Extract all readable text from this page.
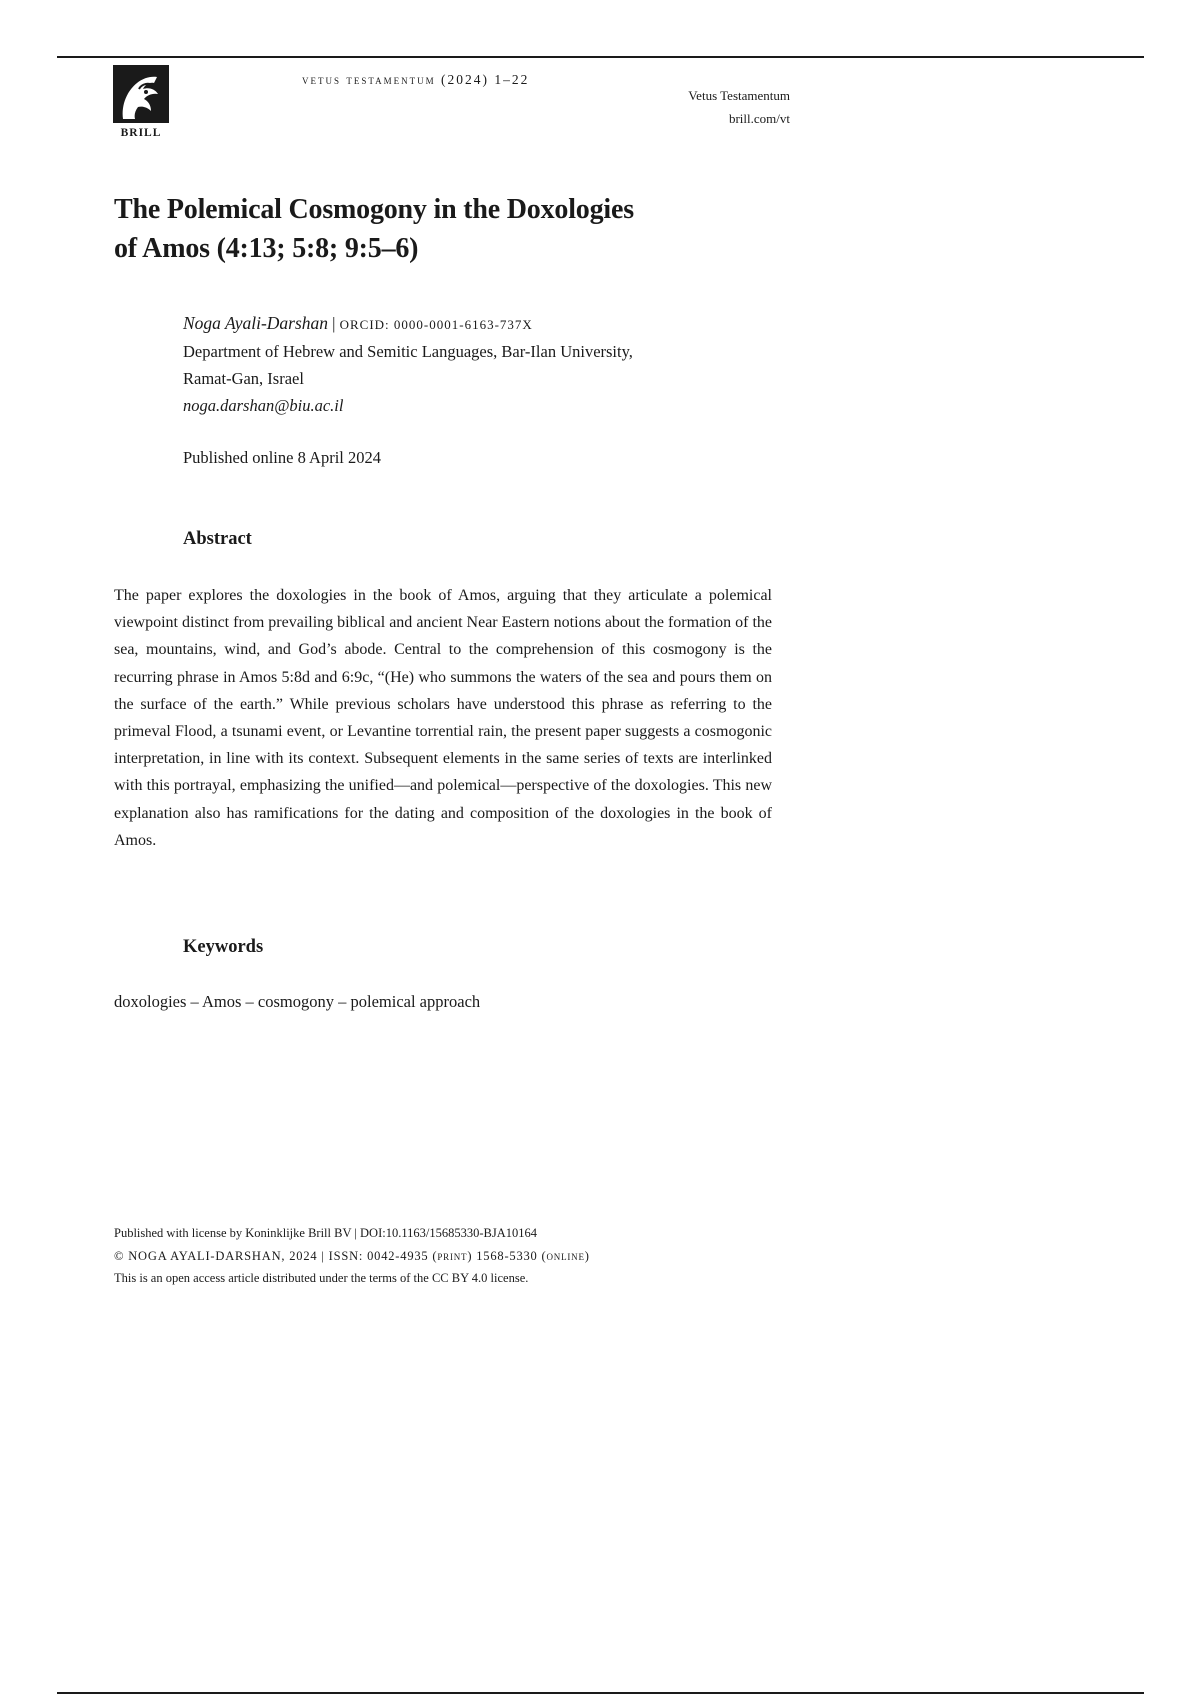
BRILL
vetus testamentum (2024) 1–22
Vetus Testamentum
brill.com/vt
The Polemical Cosmogony in the Doxologies
of Amos (4:13; 5:8; 9:5–6)
Noga Ayali-Darshan | ORCID: 0000-0001-6163-737X
Department of Hebrew and Semitic Languages, Bar-Ilan University,
Ramat-Gan, Israel
noga.darshan@biu.ac.il
Published online 8 April 2024
Abstract

The paper explores the doxologies in the book of Amos, arguing that they articulate a polemical viewpoint distinct from prevailing biblical and ancient Near Eastern notions about the formation of the sea, mountains, wind, and God’s abode. Central to the comprehension of this cosmogony is the recurring phrase in Amos 5:8d and 6:9c, “(He) who summons the waters of the sea and pours them on the surface of the earth.” While previous scholars have understood this phrase as referring to the primeval Flood, a tsunami event, or Levantine torrential rain, the present paper suggests a cosmogonic interpretation, in line with its context. Subsequent elements in the same series of texts are interlinked with this portrayal, emphasizing the unified—and polemical—perspective of the doxologies. This new explanation also has ramifications for the dating and composition of the doxologies in the book of Amos.

Keywords
doxologies – Amos – cosmogony – polemical approach
Published with license by Koninklijke Brill BV | DOI:10.1163/15685330-BJA10164
© NOGA AYALI-DARSHAN, 2024 | ISSN: 0042-4935 (print) 1568-5330 (online)
This is an open access article distributed under the terms of the CC BY 4.0 license.
